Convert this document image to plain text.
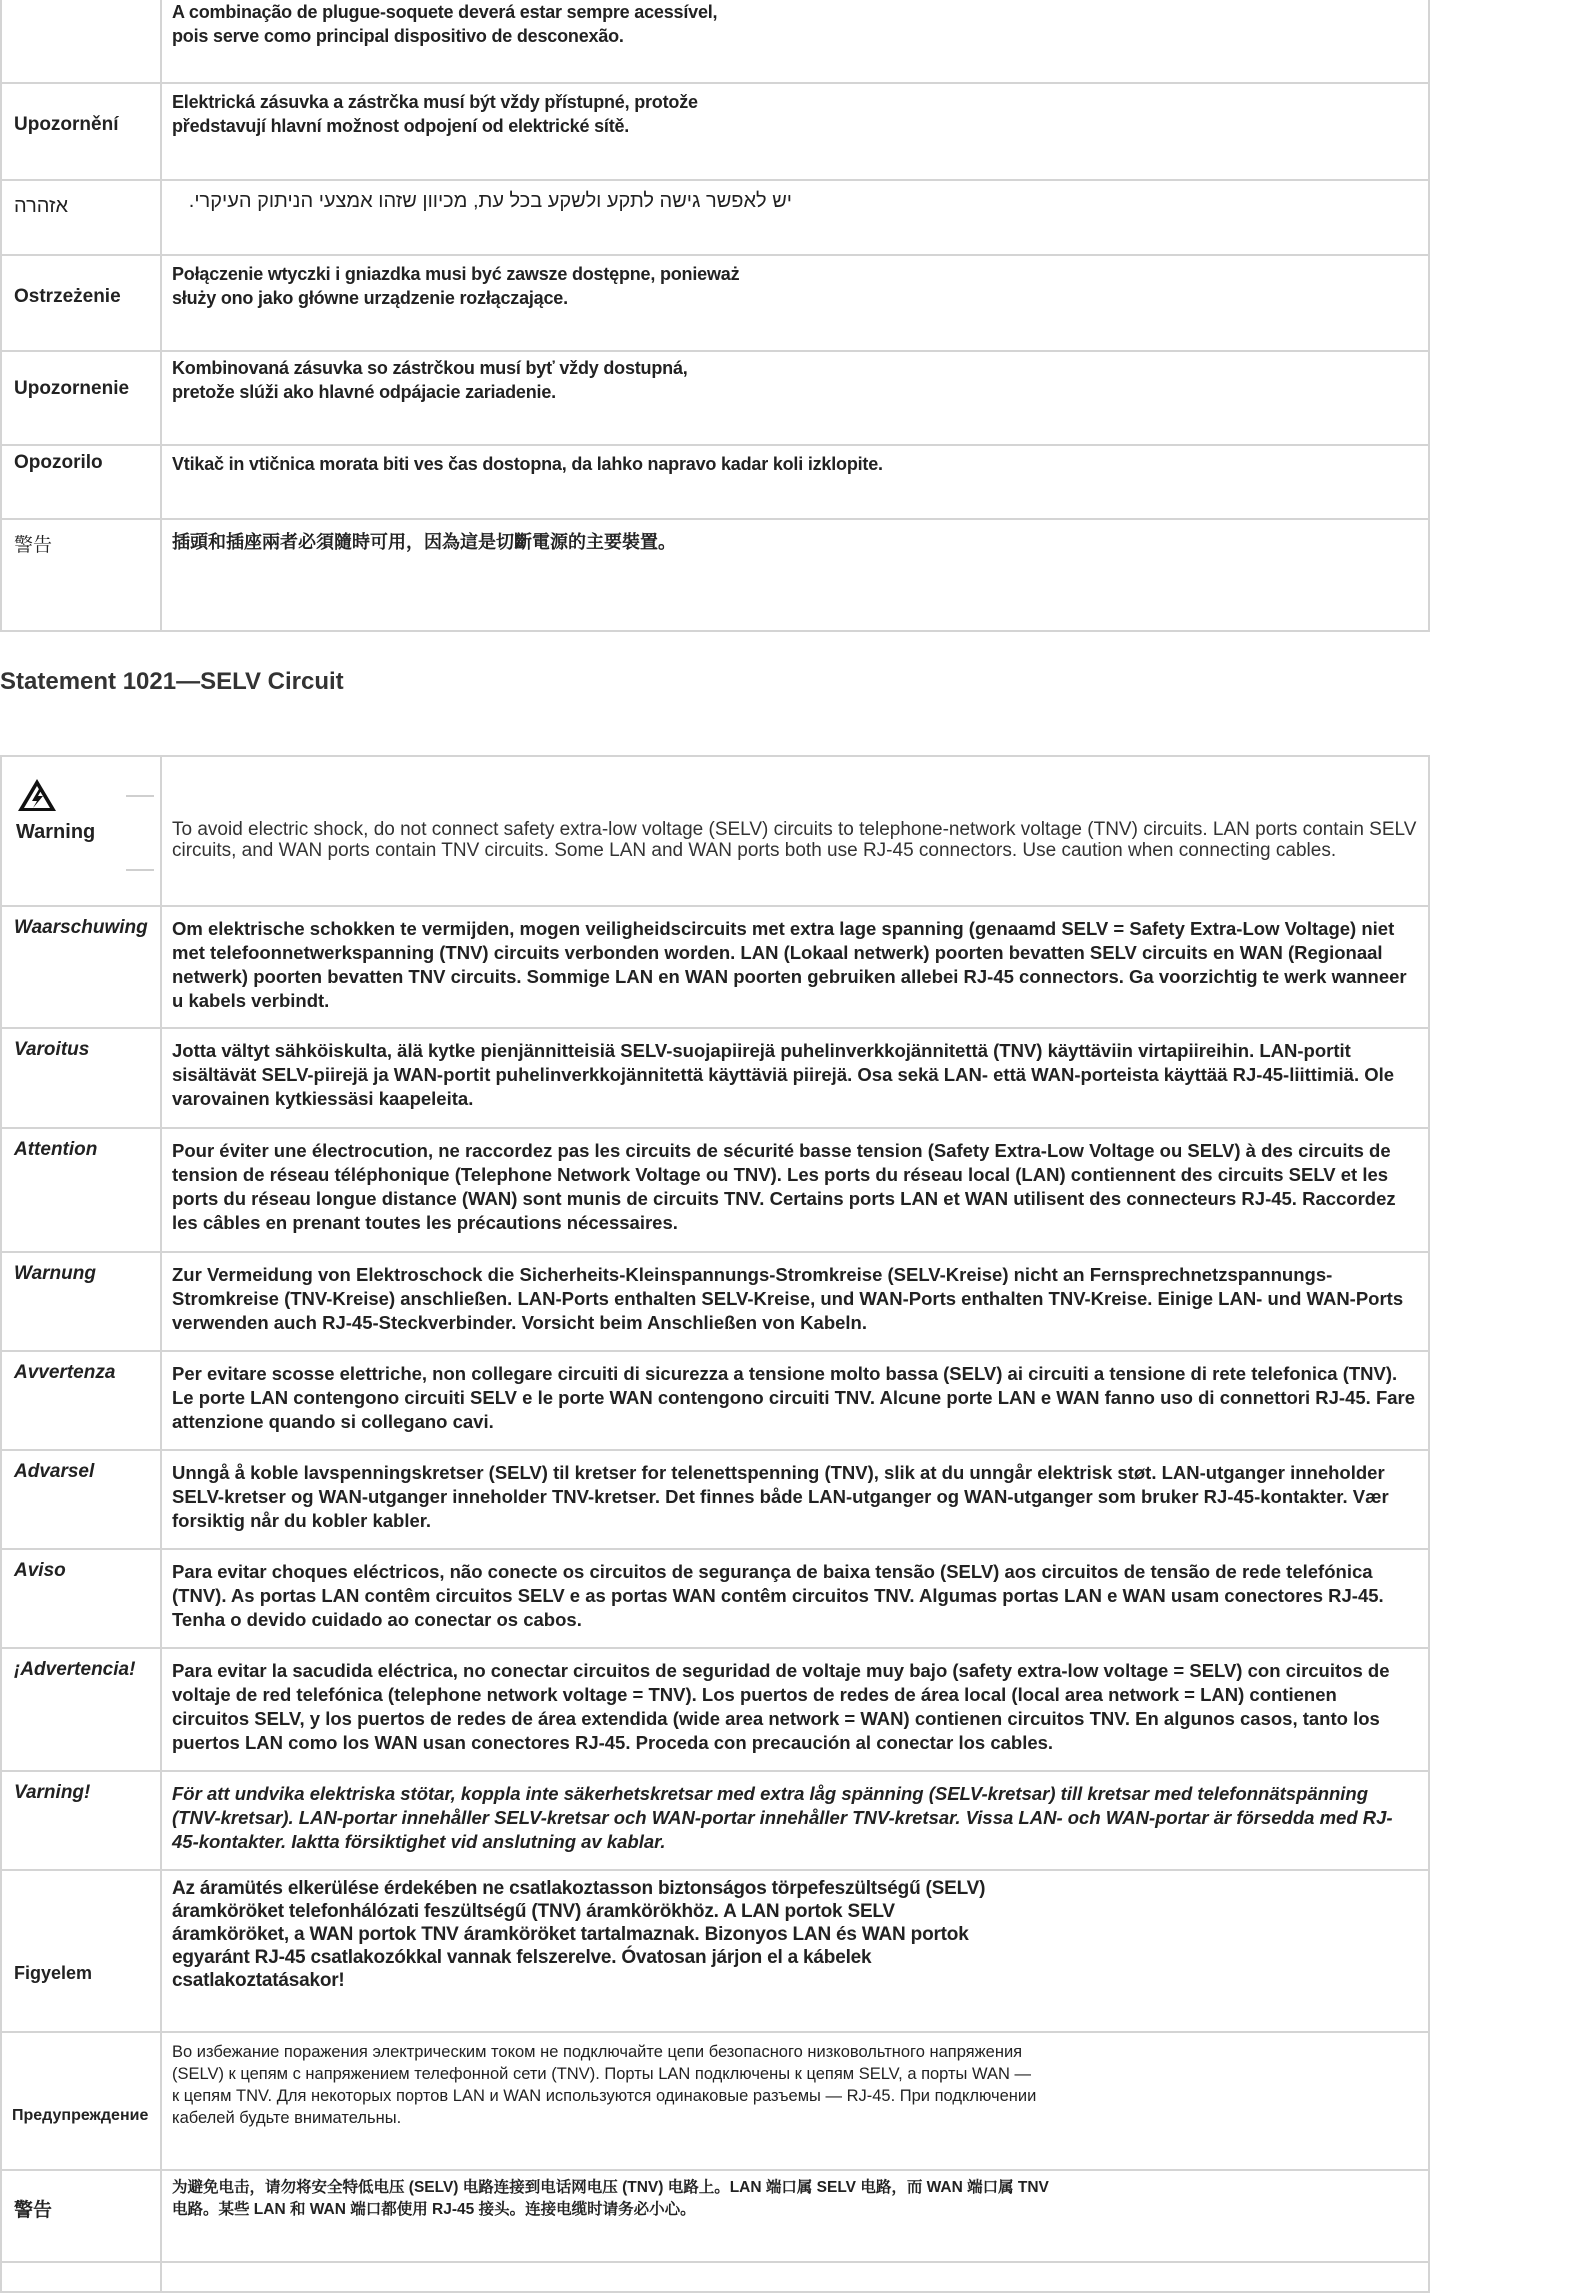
	A combinação de plugue-soquete deverá estar sempre acessível, pois serve como principal dispositivo de desconexão.

Upozornění	Elektrická zásuvka a zástrčka musí být vždy přístupné, protože představují hlavní možnost odpojení od elektrické sítě.

אזהרה	יש לאפשר גישה לתקע ולשקע בכל עת, מכיוון שזהו אמצעי הניתוק העיקרי.

Ostrzeżenie	Połączenie wtyczki i gniazdka musi być zawsze dostępne, ponieważ służy ono jako główne urządzenie rozłączające.

Upozornenie	Kombinovaná zásuvka so zástrčkou musí byť vždy dostupná, pretože slúži ako hlavné odpájacie zariadenie.

Opozorilo	Vtikač in vtičnica morata biti ves čas dostopna, da lahko napravo kadar koli izklopite.

警告	插頭和插座兩者必須隨時可用，因為這是切斷電源的主要裝置。
Statement 1021—SELV Circuit
Warning	To avoid electric shock, do not connect safety extra-low voltage (SELV) circuits to telephone-network voltage (TNV) circuits. LAN ports contain SELV circuits, and WAN ports contain TNV circuits. Some LAN and WAN ports both use RJ-45 connectors. Use caution when connecting cables.

Waarschuwing	Om elektrische schokken te vermijden, mogen veiligheidscircuits met extra lage spanning (genaamd SELV = Safety Extra-Low Voltage) niet met telefoonnetwerkspanning (TNV) circuits verbonden worden. LAN (Lokaal netwerk) poorten bevatten SELV circuits en WAN (Regionaal netwerk) poorten bevatten TNV circuits. Sommige LAN en WAN poorten gebruiken allebei RJ-45 connectors. Ga voorzichtig te werk wanneer u kabels verbindt.

Varoitus	Jotta vältyt sähköiskulta, älä kytke pienjännitteisiä SELV-suojapiirejä puhelinverkkojännitettä (TNV) käyttäviin virtapiireihin. LAN-portit sisältävät SELV-piirejä ja WAN-portit puhelinverkkojännitettä käyttäviä piirejä. Osa sekä LAN- että WAN-porteista käyttää RJ-45-liittimiä. Ole varovainen kytkiessäsi kaapeleita.

Attention	Pour éviter une électrocution, ne raccordez pas les circuits de sécurité basse tension (Safety Extra-Low Voltage ou SELV) à des circuits de tension de réseau téléphonique (Telephone Network Voltage ou TNV). Les ports du réseau local (LAN) contiennent des circuits SELV et les ports du réseau longue distance (WAN) sont munis de circuits TNV. Certains ports LAN et WAN utilisent des connecteurs RJ-45. Raccordez les câbles en prenant toutes les précautions nécessaires.

Warnung	Zur Vermeidung von Elektroschock die Sicherheits-Kleinspannungs-Stromkreise (SELV-Kreise) nicht an Fernsprechnetzspannungs-Stromkreise (TNV-Kreise) anschließen. LAN-Ports enthalten SELV-Kreise, und WAN-Ports enthalten TNV-Kreise. Einige LAN- und WAN-Ports verwenden auch RJ-45-Steckverbinder. Vorsicht beim Anschließen von Kabeln.

Avvertenza	Per evitare scosse elettriche, non collegare circuiti di sicurezza a tensione molto bassa (SELV) ai circuiti a tensione di rete telefonica (TNV). Le porte LAN contengono circuiti SELV e le porte WAN contengono circuiti TNV. Alcune porte LAN e WAN fanno uso di connettori RJ-45. Fare attenzione quando si collegano cavi.

Advarsel	Unngå å koble lavspenningskretser (SELV) til kretser for telenettspenning (TNV), slik at du unngår elektrisk støt. LAN-utganger inneholder SELV-kretser og WAN-utganger inneholder TNV-kretser. Det finnes både LAN-utganger og WAN-utganger som bruker RJ-45-kontakter. Vær forsiktig når du kobler kabler.

Aviso	Para evitar choques eléctricos, não conecte os circuitos de segurança de baixa tensão (SELV) aos circuitos de tensão de rede telefónica (TNV). As portas LAN contêm circuitos SELV e as portas WAN contêm circuitos TNV. Algumas portas LAN e WAN usam conectores RJ-45. Tenha o devido cuidado ao conectar os cabos.

¡Advertencia!	Para evitar la sacudida eléctrica, no conectar circuitos de seguridad de voltaje muy bajo (safety extra-low voltage = SELV) con circuitos de voltaje de red telefónica (telephone network voltage = TNV). Los puertos de redes de área local (local area network = LAN) contienen circuitos SELV, y los puertos de redes de área extendida (wide area network = WAN) contienen circuitos TNV. En algunos casos, tanto los puertos LAN como los WAN usan conectores RJ-45. Proceda con precaución al conectar los cables.

Varning!	För att undvika elektriska stötar, koppla inte säkerhetskretsar med extra låg spänning (SELV-kretsar) till kretsar med telefonnätspänning (TNV-kretsar). LAN-portar innehåller SELV-kretsar och WAN-portar innehåller TNV-kretsar. Vissa LAN- och WAN-portar är försedda med RJ-45-kontakter. Iaktta försiktighet vid anslutning av kablar.

Figyelem	Az áramütés elkerülése érdekében ne csatlakoztasson biztonságos törpefeszültségű (SELV) áramköröket telefonhálózati feszültségű (TNV) áramkörökhöz. A LAN portok SELV áramköröket, a WAN portok TNV áramköröket tartalmaznak. Bizonyos LAN és WAN portok egyaránt RJ-45 csatlakozókkal vannak felszerelve. Óvatosan járjon el a kábelek csatlakoztatásakor!

Предупреждение	Во избежание поражения электрическим током не подключайте цепи безопасного низковольтного напряжения (SELV) к цепям с напряжением телефонной сети (TNV). Порты LAN подключены к цепям SELV, а порты WAN — к цепям TNV. Для некоторых портов LAN и WAN используются одинаковые разъемы — RJ-45. При подключении кабелей будьте внимательны.

警告	为避免电击，请勿将安全特低电压 (SELV) 电路连接到电话网电压 (TNV) 电路上。LAN 端口属 SELV 电路，而 WAN 端口属 TNV 电路。某些 LAN 和 WAN 端口都使用 RJ-45 接头。连接电缆时请务必小心。
